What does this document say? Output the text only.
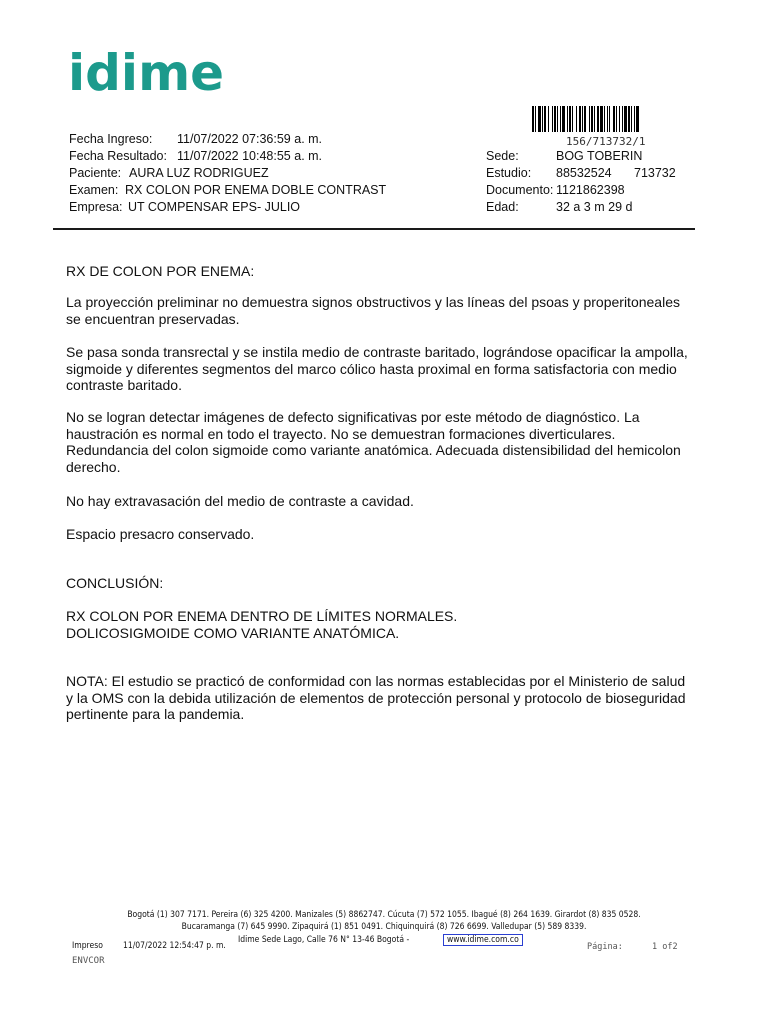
idime
156/713732/1
Fecha Ingreso: 11/07/2022 07:36:59 a. m.
Fecha Resultado: 11/07/2022 10:48:55 a. m.
Paciente: AURA LUZ RODRIGUEZ
Examen: RX COLON POR ENEMA DOBLE CONTRAST
Empresa: UT COMPENSAR EPS- JULIO
Sede:	BOG TOBERIN
Estudio: 88532524 713732
Documento: 1121862398
Edad:	32 a 3 m 29 d
RX DE COLON POR ENEMA:
La proyección preliminar no demuestra signos obstructivos y las líneas del psoas y properitoneales se encuentran preservadas.
Se pasa sonda transrectal y se instila medio de contraste baritado, lográndose opacificar la ampolla, sigmoide y diferentes segmentos del marco cólico hasta proximal en forma satisfactoria con medio contraste baritado.
No se logran detectar imágenes de defecto significativas por este método de diagnóstico. La haustración es normal en todo el trayecto. No se demuestran formaciones diverticulares. Redundancia del colon sigmoide como variante anatómica. Adecuada distensibilidad del hemicolon derecho.
No hay extravasación del medio de contraste a cavidad.
Espacio presacro conservado.
CONCLUSIÓN:
RX COLON POR ENEMA DENTRO DE LÍMITES NORMALES.
DOLICOSIGMOIDE COMO VARIANTE ANATÓMICA.
NOTA: El estudio se practicó de conformidad con las normas establecidas por el Ministerio de salud y la OMS con la debida utilización de elementos de protección personal y protocolo de bioseguridad pertinente para la pandemia.
Bogotá (1) 307 7171. Pereira (6) 325 4200. Manizales (5) 8862747. Cúcuta (7) 572 1055. Ibagué (8) 264 1639. Girardot (8) 835 0528.
Bucaramanga (7) 645 9990. Zipaquirá (1) 851 0491. Chiquinquirá (8) 726 6699. Valledupar (5) 589 8339.
Idime Sede Lago, Calle 76 N° 13-46 Bogotá -	www.idime.com.co
Impreso 11/07/2022 12:54:47 p. m.	Página:	1 of2
ENVCOR
